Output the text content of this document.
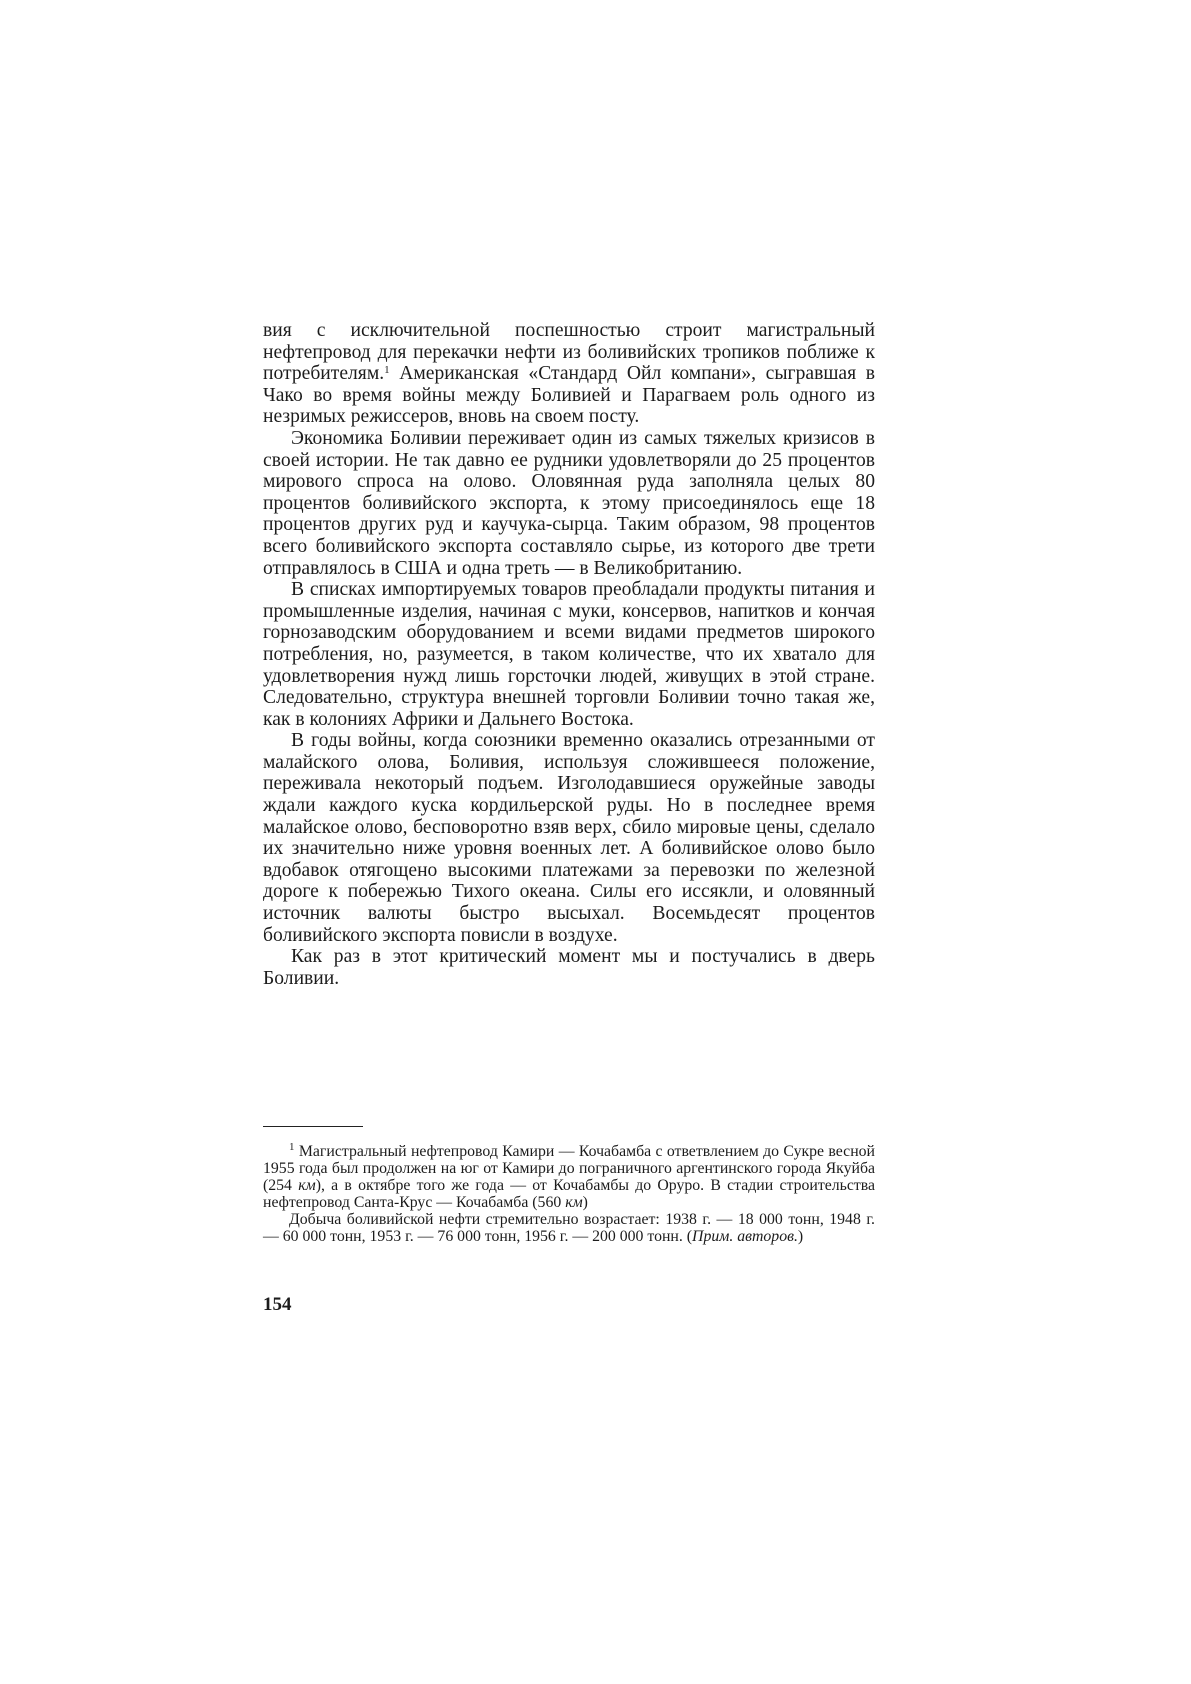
вия с исключительной поспешностью строит магистральный нефтепровод для перекачки нефти из боливийских тропиков поближе к потребителям.$^1$ Американская «Стандард Ойл компани», сыгравшая в Чако во время войны между Боливией и Парагваем роль одного из незримых режиссеров, вновь на своем посту.

Экономика Боливии переживает один из самых тяжелых кризисов в своей истории. Не так давно ее рудники удовлетворяли до 25 процентов мирового спроса на олово. Оловянная руда заполняла целых 80 процентов боливийского экспорта, к этому присоединялось еще 18 процентов других руд и каучука-сырца. Таким образом, 98 процентов всего боливийского экспорта составляло сырье, из которого две трети отправлялось в США и одна треть — в Великобританию.

В списках импортируемых товаров преобладали продукты питания и промышленные изделия, начиная с муки, консервов, напитков и кончая горнозаводским оборудованием и всеми видами предметов широкого потребления, но, разумеется, в таком количестве, что их хватало для удовлетворения нужд лишь горсточки людей, живущих в этой стране. Следовательно, структура внешней торговли Боливии точно такая же, как в колониях Африки и Дальнего Востока.

В годы войны, когда союзники временно оказались отрезанными от малайского олова, Боливия, используя сложившееся положение, переживала некоторый подъем. Изголодавшиеся оружейные заводы ждали каждого куска кордильерской руды. Но в последнее время малайское олово, бесповоротно взяв верх, сбило мировые цены, сделало их значительно ниже уровня военных лет. А боливийское олово было вдобавок отягощено высокими платежами за перевозки по железной дороге к побережью Тихого океана. Силы его иссякли, и оловянный источник валюты быстро высыхал. Восемьдесят процентов боливийского экспорта повисли в воздухе.

Как раз в этот критический момент мы и постучались в дверь Боливии.

$^1$ Магистральный нефтепровод Камири — Кочабамба с ответвлением до Сукре весной 1955 года был продолжен на юг от Камири до пограничного аргентинского города Якуйба (254 км), а в октябре того же года — от Кочабамбы до Оруро. В стадии строительства нефтепровод Санта-Крус — Кочабамба (560 км)

Добыча боливийской нефти стремительно возрастает: 1938 г. — 18 000 тонн, 1948 г. — 60 000 тонн, 1953 г. — 76 000 тонн, 1956 г. — 200 000 тонн. (Прим. авторов.)

154
